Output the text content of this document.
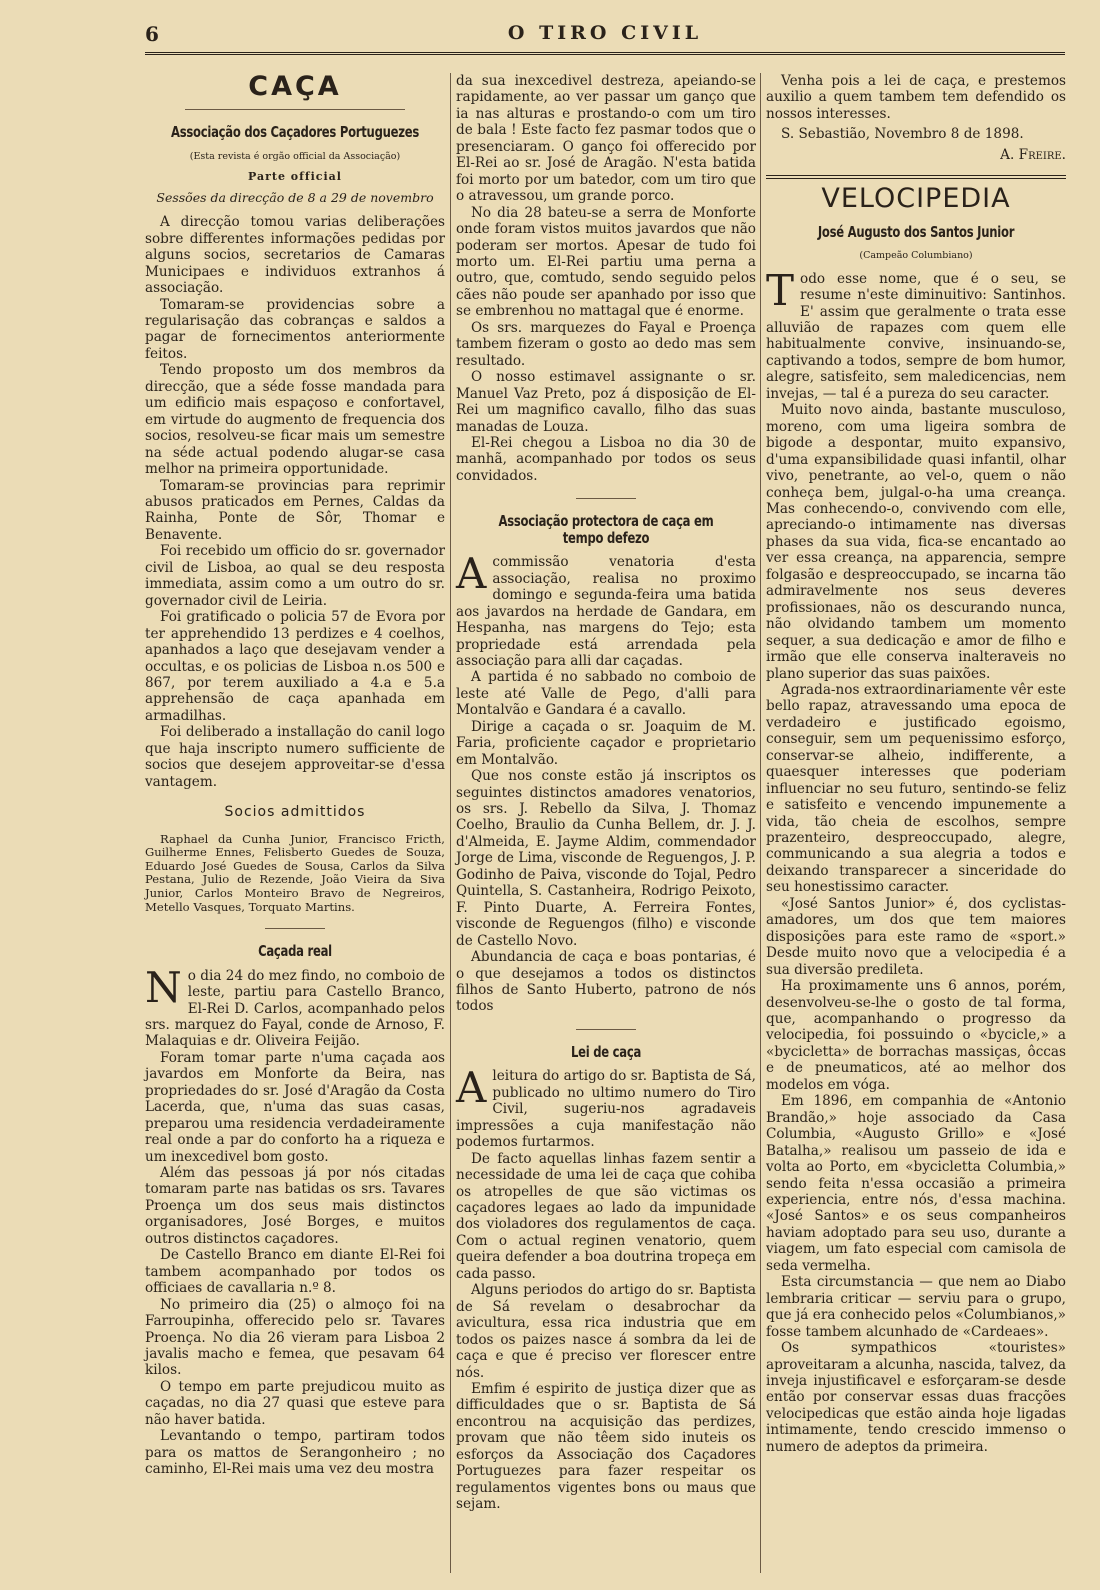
6	O TIRO CIVIL
CAÇA
Associação dos Caçadores Portuguezes
(Esta revista é orgão official da Associação)
Parte official
Sessões da direcção de 8 a 29 de novembro

A direcção tomou varias deliberações sobre differentes informações pedidas por alguns socios, secretarios de Camaras Municipaes e individuos extranhos á associação.

Tomaram-se providencias sobre a regularisação das cobranças e saldos a pagar de fornecimentos anteriormente feitos.

Tendo proposto um dos membros da direcção, que a séde fosse mandada para um edificio mais espaçoso e confortavel, em virtude do augmento de frequencia dos socios, resolveu-se ficar mais um semestre na séde actual podendo alugar-se casa melhor na primeira opportunidade.

Tomaram-se provincias para reprimir abusos praticados em Pernes, Caldas da Rainha, Ponte de Sôr, Thomar e Benavente.

Foi recebido um officio do sr. governador civil de Lisboa, ao qual se deu resposta immediata, assim como a um outro do sr. governador civil de Leiria.

Foi gratificado o policia 57 de Evora por ter apprehendido 13 perdizes e 4 coelhos, apanhados a laço que desejavam vender a occultas, e os policias de Lisboa n.os 500 e 867, por terem auxiliado a 4.a e 5.a apprehensão de caça apanhada em armadilhas.

Foi deliberado a installação do canil logo que haja inscripto numero sufficiente de socios que desejem approveitar-se d'essa vantagem.

Socios admittidos

Raphael da Cunha Junior, Francisco Fricth, Guilherme Ennes, Felisberto Guedes de Souza, Eduardo José Guedes de Sousa, Carlos da Silva Pestana, Julio de Rezende, João Vieira da Siva Junior, Carlos Monteiro Bravo de Negreiros, Metello Vasques, Torquato Martins.

Caçada real

No dia 24 do mez findo, no comboio de leste, partiu para Castello Branco, El-Rei D. Carlos, acompanhado pelos srs. marquez do Fayal, conde de Arnoso, F. Malaquias e dr. Oliveira Feijão.

Foram tomar parte n'uma caçada aos javardos em Monforte da Beira, nas propriedades do sr. José d'Aragão da Costa Lacerda, que, n'uma das suas casas, preparou uma residencia verdadeiramente real onde a par do conforto ha a riqueza e um inexcedivel bom gosto.

Além das pessoas já por nós citadas tomaram parte nas batidas os srs. Tavares Proença um dos seus mais distinctos organisadores, José Borges, e muitos outros distinctos caçadores.

De Castello Branco em diante El-Rei foi tambem acompanhado por todos os officiaes de cavallaria n.º 8.

No primeiro dia (25) o almoço foi na Farroupinha, offerecido pelo sr. Tavares Proença. No dia 26 vieram para Lisboa 2 javalis macho e femea, que pesavam 64 kilos.

O tempo em parte prejudicou muito as caçadas, no dia 27 quasi que esteve para não haver batida.

Levantando o tempo, partiram todos para os mattos de Serangonheiro ; no caminho, El-Rei mais uma vez deu mostra

da sua inexcedivel destreza, apeiando-se rapidamente, ao ver passar um ganço que ia nas alturas e prostando-o com um tiro de bala ! Este facto fez pasmar todos que o presenciaram. O ganço foi offerecido por El-Rei ao sr. José de Aragão. N'esta batida foi morto por um batedor, com um tiro que o atravessou, um grande porco.

No dia 28 bateu-se a serra de Monforte onde foram vistos muitos javardos que não poderam ser mortos. Apesar de tudo foi morto um. El-Rei partiu uma perna a outro, que, comtudo, sendo seguido pelos cães não poude ser apanhado por isso que se embrenhou no mattagal que é enorme.

Os srs. marquezes do Fayal e Proença tambem fizeram o gosto ao dedo mas sem resultado.

O nosso estimavel assignante o sr. Manuel Vaz Preto, poz á disposição de El-Rei um magnifico cavallo, filho das suas manadas de Louza.

El-Rei chegou a Lisboa no dia 30 de manhã, acompanhado por todos os seus convidados.

Associação protectora de caça em tempo defezo

Acommissão venatoria d'esta associação, realisa no proximo domingo e segunda-feira uma batida aos javardos na herdade de Gandara, em Hespanha, nas margens do Tejo; esta propriedade está arrendada pela associação para alli dar caçadas.

A partida é no sabbado no comboio de leste até Valle de Pego, d'alli para Montalvão e Gandara é a cavallo.

Dirige a caçada o sr. Joaquim de M. Faria, proficiente caçador e proprietario em Montalvão.

Que nos conste estão já inscriptos os seguintes distinctos amadores venatorios, os srs. J. Rebello da Silva, J. Thomaz Coelho, Braulio da Cunha Bellem, dr. J. J. d'Almeida, E. Jayme Aldim, commendador Jorge de Lima, visconde de Reguengos, J. P. Godinho de Paiva, visconde do Tojal, Pedro Quintella, S. Castanheira, Rodrigo Peixoto, F. Pinto Duarte, A. Ferreira Fontes, visconde de Reguengos (filho) e visconde de Castello Novo.

Abundancia de caça e boas pontarias, é o que desejamos a todos os distinctos filhos de Santo Huberto, patrono de nós todos

Lei de caça

Aleitura do artigo do sr. Baptista de Sá, publicado no ultimo numero do Tiro Civil, sugeriu-nos agradaveis impressões a cuja manifestação não podemos furtarmos.

De facto aquellas linhas fazem sentir a necessidade de uma lei de caça que cohiba os atropelles de que são victimas os caçadores legaes ao lado da impunidade dos violadores dos regulamentos de caça. Com o actual reginen venatorio, quem queira defender a boa doutrina tropeça em cada passo.

Alguns periodos do artigo do sr. Baptista de Sá revelam o desabrochar da avicultura, essa rica industria que em todos os paizes nasce á sombra da lei de caça e que é preciso ver florescer entre nós.

Emfim é espirito de justiça dizer que as difficuldades que o sr. Baptista de Sá encontrou na acquisição das perdizes, provam que não têem sido inuteis os esforços da Associação dos Caçadores Portuguezes para fazer respeitar os regulamentos vigentes bons ou maus que sejam.

Venha pois a lei de caça, e prestemos auxilio a quem tambem tem defendido os nossos interesses.

S. Sebastião, Novembro 8 de 1898.

A. Freire.

VELOCIPEDIA
José Augusto dos Santos Junior
(Campeão Columbiano)

Todo esse nome, que é o seu, se resume n'este diminuitivo: Santinhos. E' assim que geralmente o trata esse alluvião de rapazes com quem elle habitualmente convive, insinuando-se, captivando a todos, sempre de bom humor, alegre, satisfeito, sem maledicencias, nem invejas, — tal é a pureza do seu caracter.

Muito novo ainda, bastante musculoso, moreno, com uma ligeira sombra de bigode a despontar, muito expansivo, d'uma expansibilidade quasi infantil, olhar vivo, penetrante, ao vel-o, quem o não conheça bem, julgal-o-ha uma creança. Mas conhecendo-o, convivendo com elle, apreciando-o intimamente nas diversas phases da sua vida, fica-se encantado ao ver essa creança, na apparencia, sempre folgasão e despreoccupado, se incarna tão admiravelmente nos seus deveres profissionaes, não os descurando nunca, não olvidando tambem um momento sequer, a sua dedicação e amor de filho e irmão que elle conserva inalteraveis no plano superior das suas paixões.

Agrada-nos extraordinariamente vêr este bello rapaz, atravessando uma epoca de verdadeiro e justificado egoismo, conseguir, sem um pequenissimo esforço, conservar-se alheio, indifferente, a quaesquer interesses que poderiam influenciar no seu futuro, sentindo-se feliz e satisfeito e vencendo impunemente a vida, tão cheia de escolhos, sempre prazenteiro, despreoccupado, alegre, communicando a sua alegria a todos e deixando transparecer a sinceridade do seu honestissimo caracter.

«José Santos Junior» é, dos cyclistas-amadores, um dos que tem maiores disposições para este ramo de «sport.» Desde muito novo que a velocipedia é a sua diversão predileta.

Ha proximamente uns 6 annos, porém, desenvolveu-se-lhe o gosto de tal forma, que, acompanhando o progresso da velocipedia, foi possuindo o «bycicle,» a «bycicletta» de borrachas massiças, ôccas e de pneumaticos, até ao melhor dos modelos em vóga.

Em 1896, em companhia de «Antonio Brandão,» hoje associado da Casa Columbia, «Augusto Grillo» e «José Batalha,» realisou um passeio de ida e volta ao Porto, em «bycicletta Columbia,» sendo feita n'essa occasião a primeira experiencia, entre nós, d'essa machina. «José Santos» e os seus companheiros haviam adoptado para seu uso, durante a viagem, um fato especial com camisola de seda vermelha.

Esta circumstancia — que nem ao Diabo lembraria criticar — serviu para o grupo, que já era conhecido pelos «Columbianos,» fosse tambem alcunhado de «Cardeaes».

Os sympathicos «touristes» aproveitaram a alcunha, nascida, talvez, da inveja injustificavel e esforçaram-se desde então por conservar essas duas fracções velocipedicas que estão ainda hoje ligadas intimamente, tendo crescido immenso o numero de adeptos da primeira.
